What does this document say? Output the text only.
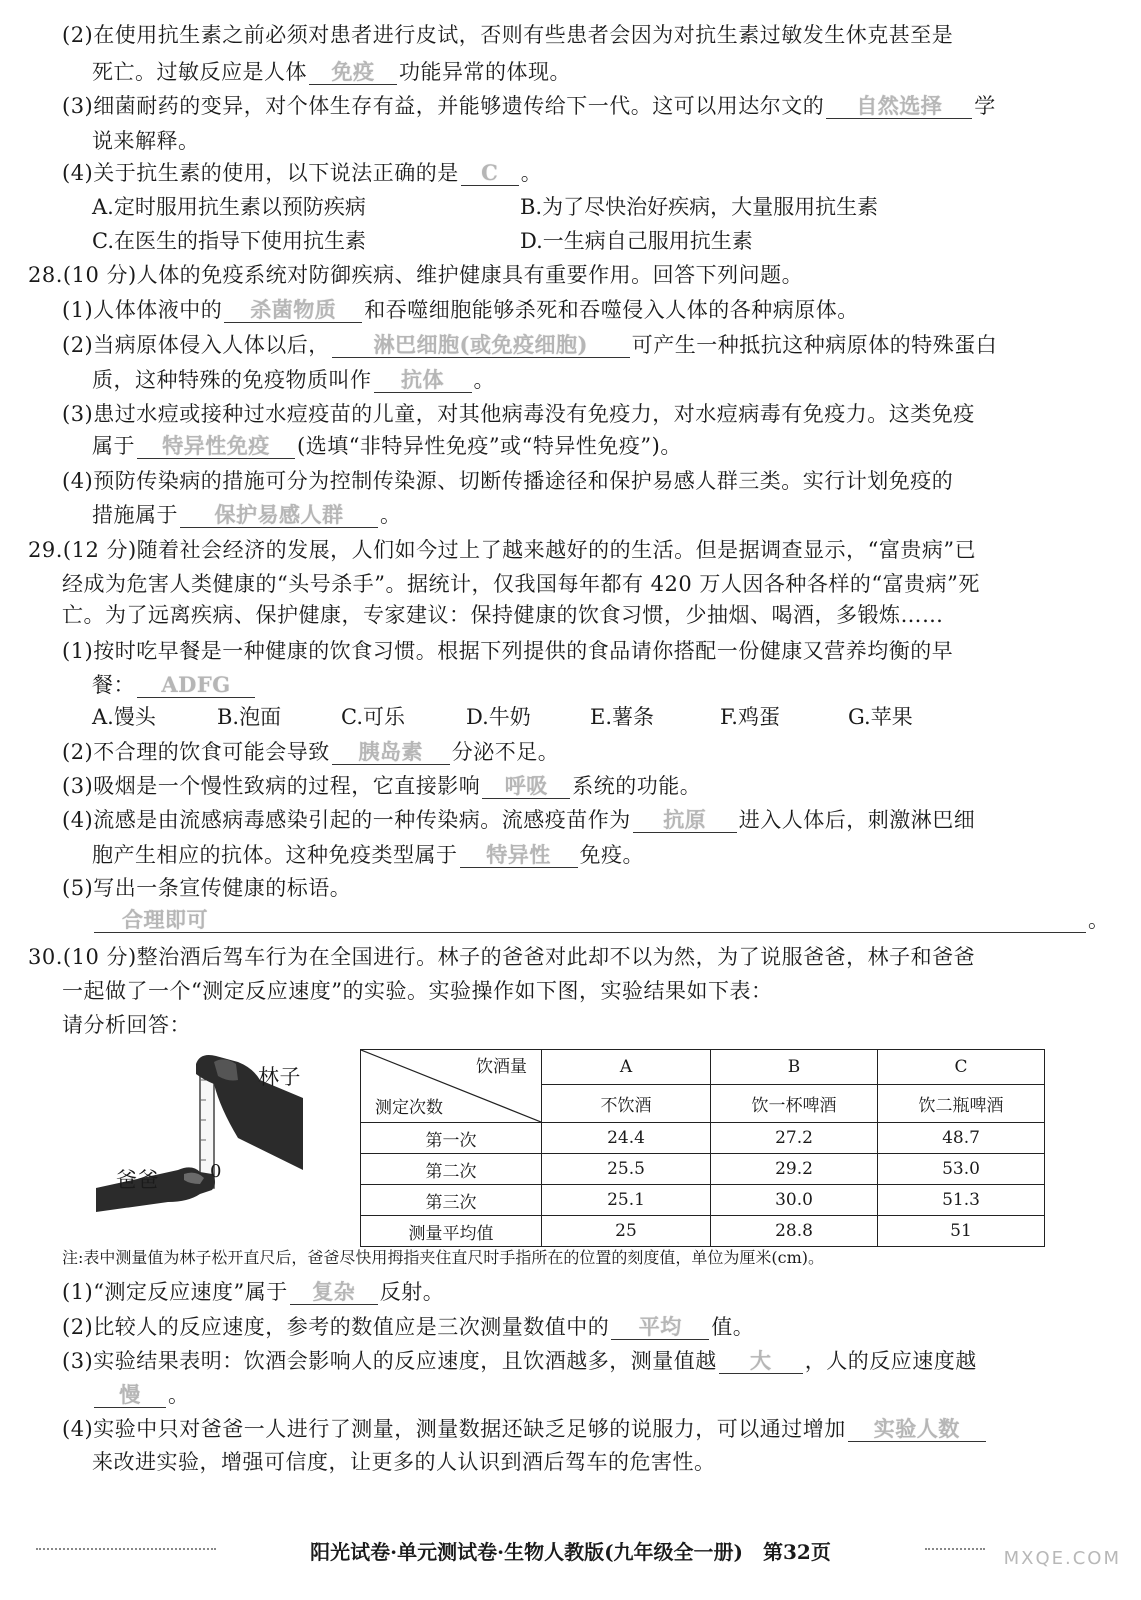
(2)在使用抗生素之前必须对患者进行皮试，否则有些患者会因为对抗生素过敏发生休克甚至是
死亡。过敏反应是人体 免疫 功能异常的体现。
(3)细菌耐药的变异，对个体生存有益，并能够遗传给下一代。这可以用达尔文的 自然选择 学
说来解释。
(4)关于抗生素的使用，以下说法正确的是 C 。
A.定时服用抗生素以预防疾病	B.为了尽快治好疾病，大量服用抗生素
C.在医生的指导下使用抗生素	D.一生病自己服用抗生素
28.(10 分)人体的免疫系统对防御疾病、维护健康具有重要作用。回答下列问题。
(1)人体体液中的 杀菌物质 和吞噬细胞能够杀死和吞噬侵入人体的各种病原体。
(2)当病原体侵入人体以后， 淋巴细胞(或免疫细胞) 可产生一种抵抗这种病原体的特殊蛋白
质，这种特殊的免疫物质叫作 抗体 。
(3)患过水痘或接种过水痘疫苗的儿童，对其他病毒没有免疫力，对水痘病毒有免疫力。这类免疫
属于 特异性免疫 (选填“非特异性免疫”或“特异性免疫”)。
(4)预防传染病的措施可分为控制传染源、切断传播途径和保护易感人群三类。实行计划免疫的
措施属于 保护易感人群 。
29.(12 分)随着社会经济的发展，人们如今过上了越来越好的的生活。但是据调查显示，“富贵病”已
经成为危害人类健康的“头号杀手”。据统计，仅我国每年都有 420 万人因各种各样的“富贵病”死
亡。为了远离疾病、保护健康，专家建议：保持健康的饮食习惯，少抽烟、喝酒，多锻炼……
(1)按时吃早餐是一种健康的饮食习惯。根据下列提供的食品请你搭配一份健康又营养均衡的早
餐： ADFG
A.馒头	B.泡面	C.可乐	D.牛奶	E.薯条	F.鸡蛋	G.苹果
(2)不合理的饮食可能会导致 胰岛素 分泌不足。
(3)吸烟是一个慢性致病的过程，它直接影响 呼吸 系统的功能。
(4)流感是由流感病毒感染引起的一种传染病。流感疫苗作为 抗原 进入人体后，刺激淋巴细
胞产生相应的抗体。这种免疫类型属于 特异性 免疫。
(5)写出一条宣传健康的标语。
合理即可	。
30.(10 分)整治酒后驾车行为在全国进行。林子的爸爸对此却不以为然，为了说服爸爸，林子和爸爸
一起做了一个“测定反应速度”的实验。实验操作如下图，实验结果如下表：
请分析回答：
林子
爸爸	0
饮酒量
测定次数	A	B	C
	不饮酒	饮一杯啤酒	饮二瓶啤酒
第一次	24.4	27.2	48.7
第二次	25.5	29.2	53.0
第三次	25.1	30.0	51.3
测量平均值	25	28.8	51
注:表中测量值为林子松开直尺后，爸爸尽快用拇指夹住直尺时手指所在的位置的刻度值，单位为厘米(cm)。
(1)“测定反应速度”属于 复杂 反射。
(2)比较人的反应速度，参考的数值应是三次测量数值中的 平均 值。
(3)实验结果表明：饮酒会影响人的反应速度，且饮酒越多，测量值越 大 ，人的反应速度越
慢 。
(4)实验中只对爸爸一人进行了测量，测量数据还缺乏足够的说服力，可以通过增加 实验人数
来改进实验，增强可信度，让更多的人认识到酒后驾车的危害性。
阳光试卷·单元测试卷·生物人教版(九年级全一册)　第32页	MXQE.COM
